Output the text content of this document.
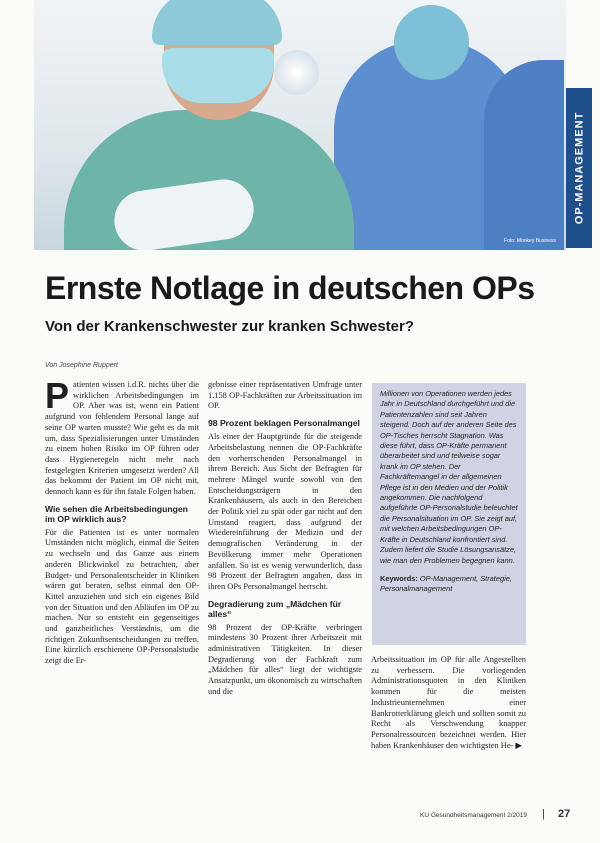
Foto: Monkey Business
OP-MANAGEMENT
Ernste Notlage in deutschen OPs
Von der Krankenschwester zur kranken Schwester?
Von Josephine Ruppert

Patienten wissen i.d.R. nichts über die wirklichen Arbeitsbedingungen im OP. Aber was ist, wenn ein Patient aufgrund von fehlendem Personal lange auf seine OP warten musste? Wie geht es da mit um, dass Spezialisierungen unter Umständen zu einem hohen Risiko im OP führen oder dass Hygieneregeln nicht mehr nach festgelegten Kriterien umgesetzt werden? All das bekommt der Patient im OP nicht mit, dennoch kann es für ihn fatale Folgen haben.

Wie sehen die Arbeitsbedingungen im OP wirklich aus?

Für die Patienten ist es unter normalen Umständen nicht möglich, einmal die Seiten zu wechseln und das Ganze aus einem anderen Blickwinkel zu betrachten, aber Budget- und Personalentscheider in Kliniken wären gut beraten, selbst einmal den OP-Kittel anzuziehen und sich ein eigenes Bild von der Situation und den Abläufen im OP zu machen. Nur so entsteht ein gegenseitiges und ganzheitliches Verständnis, um die richtigen Zukunftsentscheidungen zu treffen. Eine kürzlich erschienene OP-Personalstudie zeigt die Er-

gebnisse einer repräsentativen Umfrage unter 1.158 OP-Fachkräften zur Arbeitssituation im OP.

98 Prozent beklagen Personalmangel

Als einer der Hauptgründe für die steigende Arbeitsbelastung nennen die OP-Fachkräfte den vorherrschenden Personalmangel in ihrem Bereich. Aus Sicht der Befragten für mehrere Mängel wurde sowohl von den Entscheidungsträgern in den Krankenhäusern, als auch in den Bereichen der Politik viel zu spät oder gar nicht auf den Umstand reagiert, dass aufgrund der Wiedereinführung der Medizin und der demografischen Veränderung in der Bevölkerung immer mehr Operationen anfallen. So ist es wenig verwunderlich, dass 98 Prozent der Befragten angaben, dass in ihren OPs Personalmangel herrscht.

Degradierung zum „Mädchen für alles“

98 Prozent der OP-Kräfte verbringen mindestens 30 Prozent ihrer Arbeitszeit mit administrativen Tätigkeiten. In dieser Degradierung von der Fachkraft zum „Mädchen für alles“ liegt der wichtigste Ansatzpunkt, um ökonomisch zu wirtschaften und die

Millionen von Operationen werden jedes Jahr in Deutschland durchgeführt und die Patientenzahlen sind seit Jahren steigend. Doch auf der anderen Seite des OP-Tisches herrscht Stagnation. Was diese führt, dass OP-Kräfte permanent überarbeitet sind und teilweise sogar krank im OP stehen. Der Fachkräftemangel in der allgemeinen Pflege ist in den Medien und der Politik angekommen. Die nachfolgend aufgeführte OP-Personalstudie beleuchtet die Personalsituation im OP. Sie zeigt auf, mit welchen Arbeitsbedingungen OP-Kräfte in Deutschland konfrontiert sind. Zudem liefert die Studie Lösungsansätze, wie man den Problemen begegnen kann.

Keywords: OP-Management, Strategie, Personalmanagement

Arbeitssituation im OP für alle Angestellten zu verbessern. Die vorliegenden Administrationsquoten in den Kliniken kommen für die meisten Industrieunternehmen einer Bankrotterklärung gleich und sollten somit zu Recht als Verschwendung knapper Personalressourcen bezeichnet werden. Hier haben Krankenhäuser den wichtigsten He- ▶

KU Gesundheitsmanagement 2/2019 | 27
